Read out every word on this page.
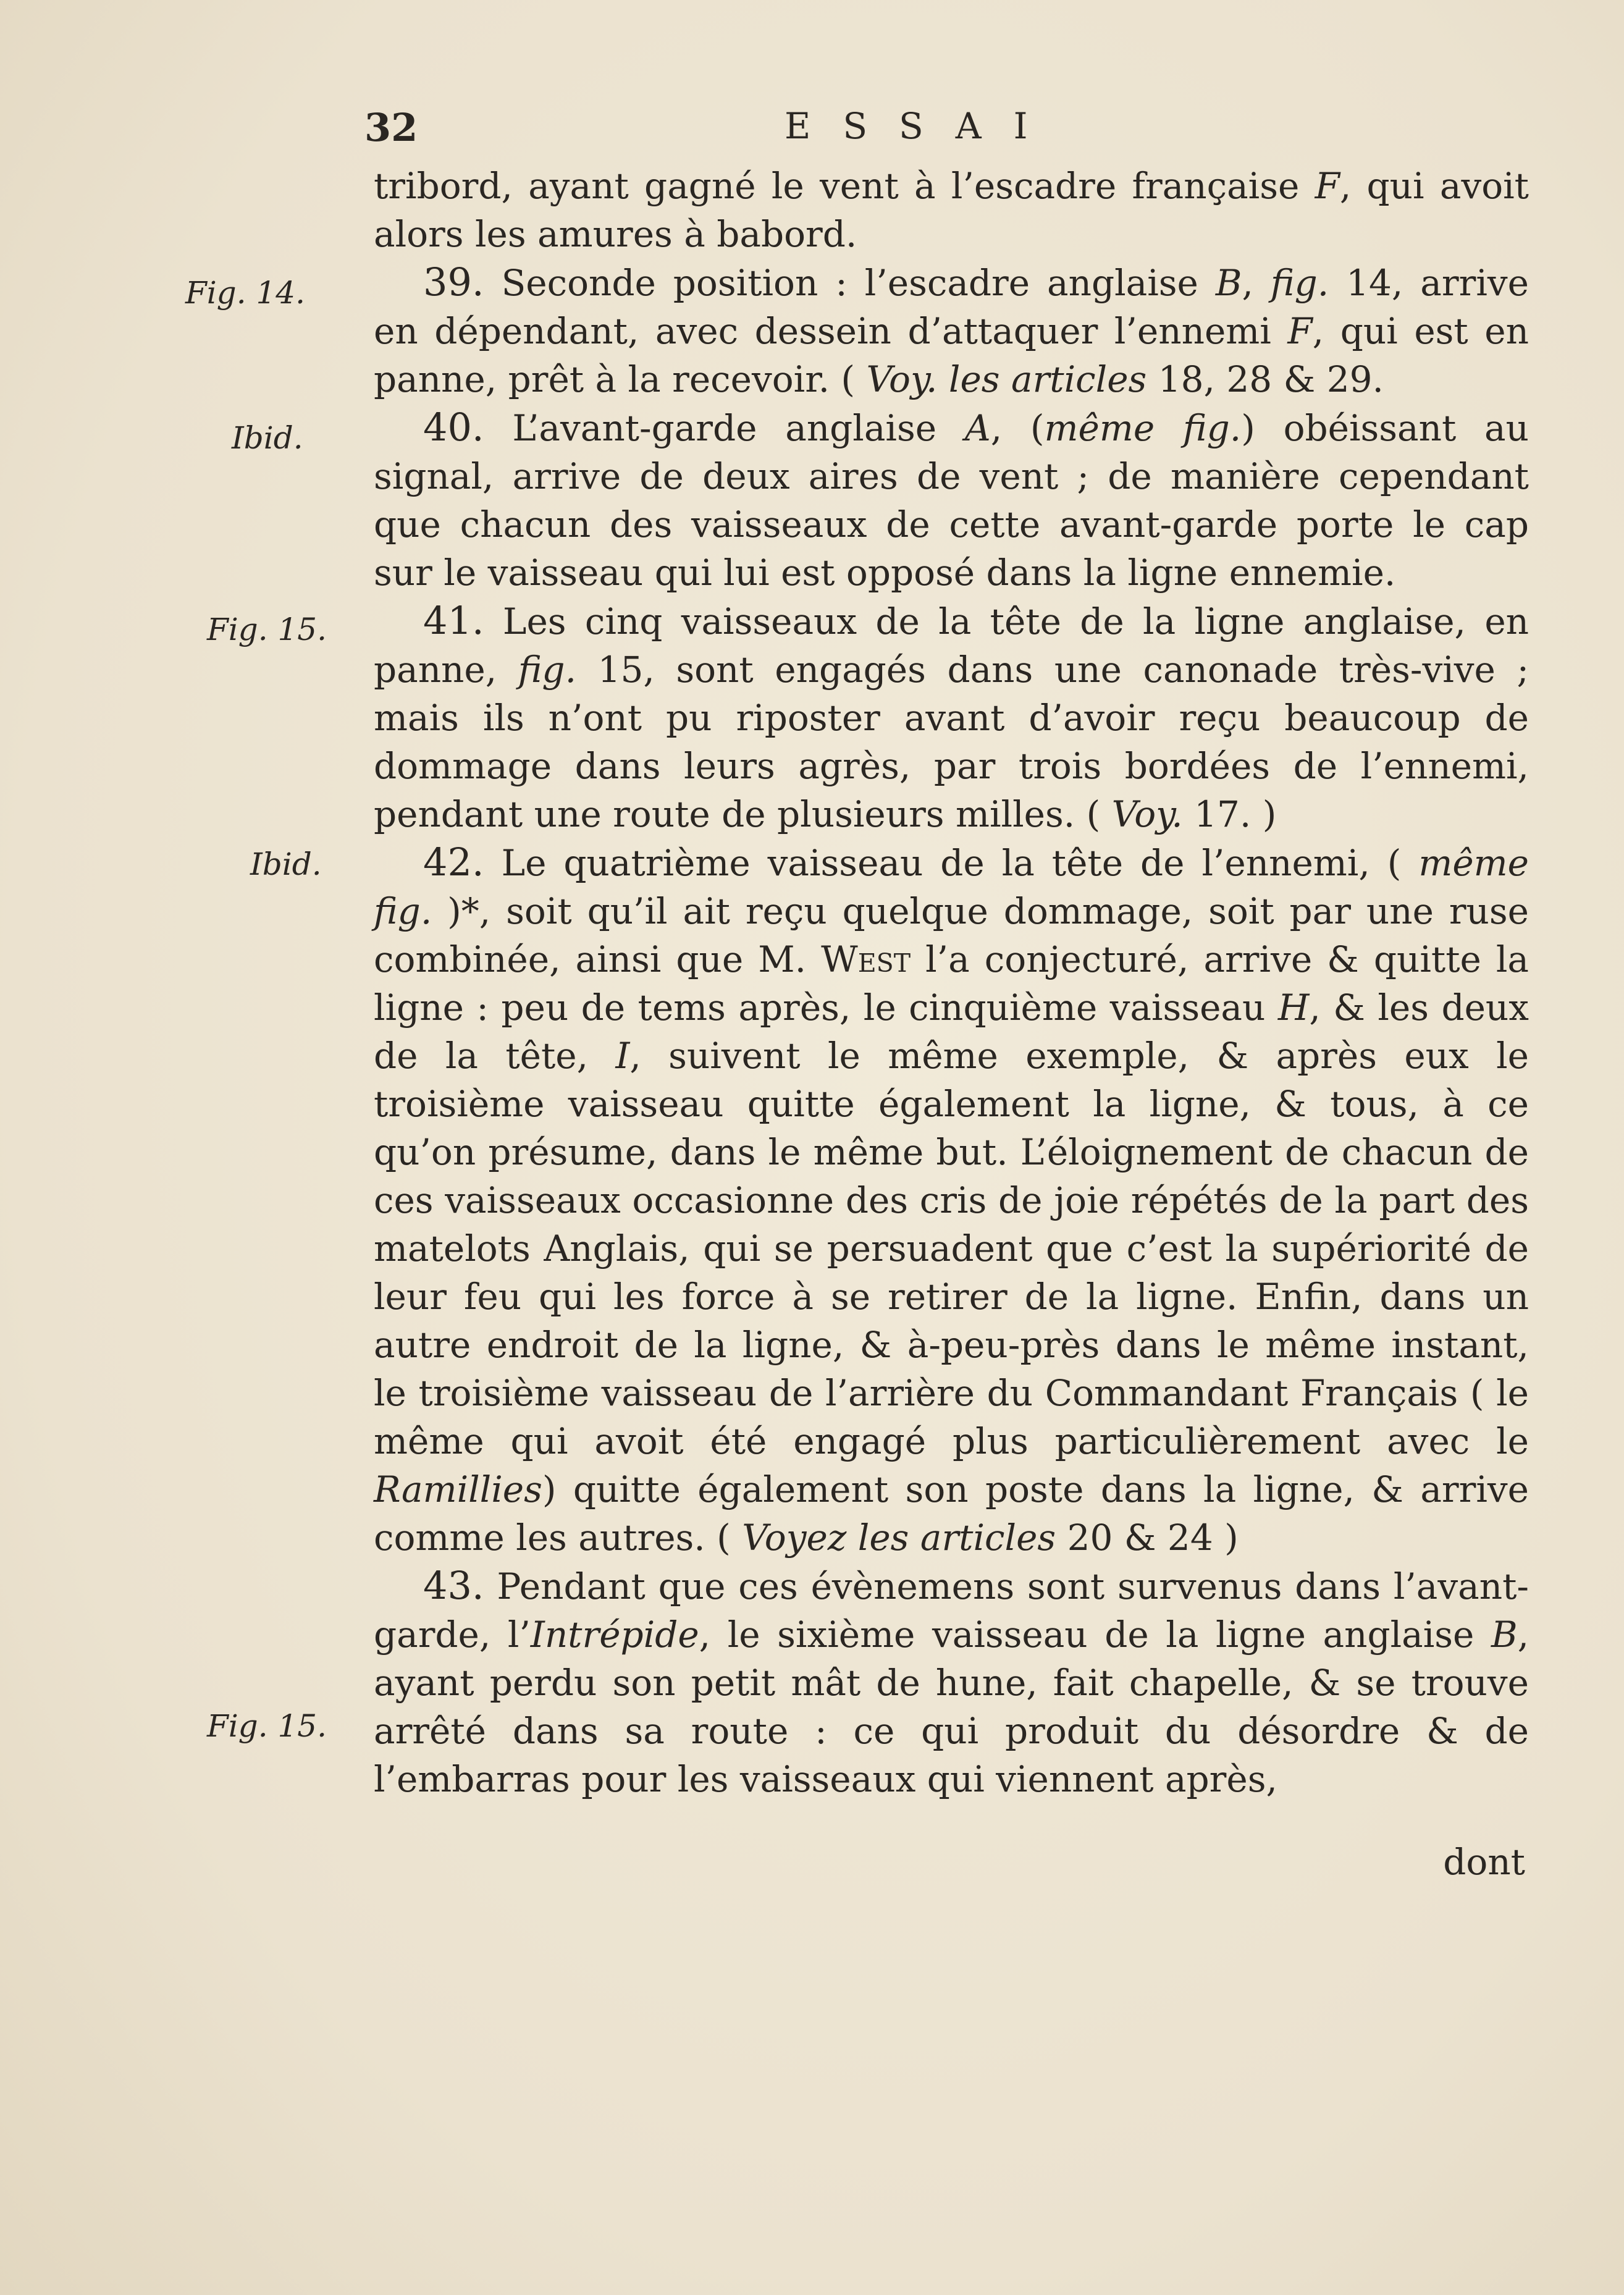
32	ESSAI
Fig. 14.
Ibid.
Fig. 15.
Ibid.
Fig. 15.

tribord, ayant gagné le vent à l’escadre française F, qui avoit alors les amures à babord.

39. Seconde position : l’escadre anglaise B, fig. 14, arrive en dépendant, avec dessein d’attaquer l’ennemi F, qui est en panne, prêt à la recevoir. ( Voy. les articles 18, 28 & 29.

40. L’avant-garde anglaise A, (même fig.) obéissant au signal, arrive de deux aires de vent ; de manière cependant que chacun des vaisseaux de cette avant-garde porte le cap sur le vaisseau qui lui est opposé dans la ligne ennemie.

41. Les cinq vaisseaux de la tête de la ligne anglaise, en panne, fig. 15, sont engagés dans une canonade très-vive ; mais ils n’ont pu riposter avant d’avoir reçu beaucoup de dommage dans leurs agrès, par trois bordées de l’ennemi, pendant une route de plusieurs milles. ( Voy. 17. )

42. Le quatrième vaisseau de la tête de l’ennemi, ( même fig. )*, soit qu’il ait reçu quelque dommage, soit par une ruse combinée, ainsi que M. West l’a conjecturé, arrive & quitte la ligne : peu de tems après, le cinquième vaisseau H, & les deux de la tête, I, suivent le même exemple, & après eux le troisième vaisseau quitte également la ligne, & tous, à ce qu’on présume, dans le même but. L’éloignement de chacun de ces vaisseaux occasionne des cris de joie répétés de la part des matelots Anglais, qui se persuadent que c’est la supériorité de leur feu qui les force à se retirer de la ligne. Enfin, dans un autre endroit de la ligne, & à-peu-près dans le même instant, le troisième vaisseau de l’arrière du Commandant Français ( le même qui avoit été engagé plus particulièrement avec le Ramillies) quitte également son poste dans la ligne, & arrive comme les autres. ( Voyez les articles 20 & 24 )

43. Pendant que ces évènemens sont survenus dans l’avant-garde, l’Intrépide, le sixième vaisseau de la ligne anglaise B, ayant perdu son petit mât de hune, fait chapelle, & se trouve arrêté dans sa route : ce qui produit du désordre & de l’embarras pour les vaisseaux qui viennent après,

dont
